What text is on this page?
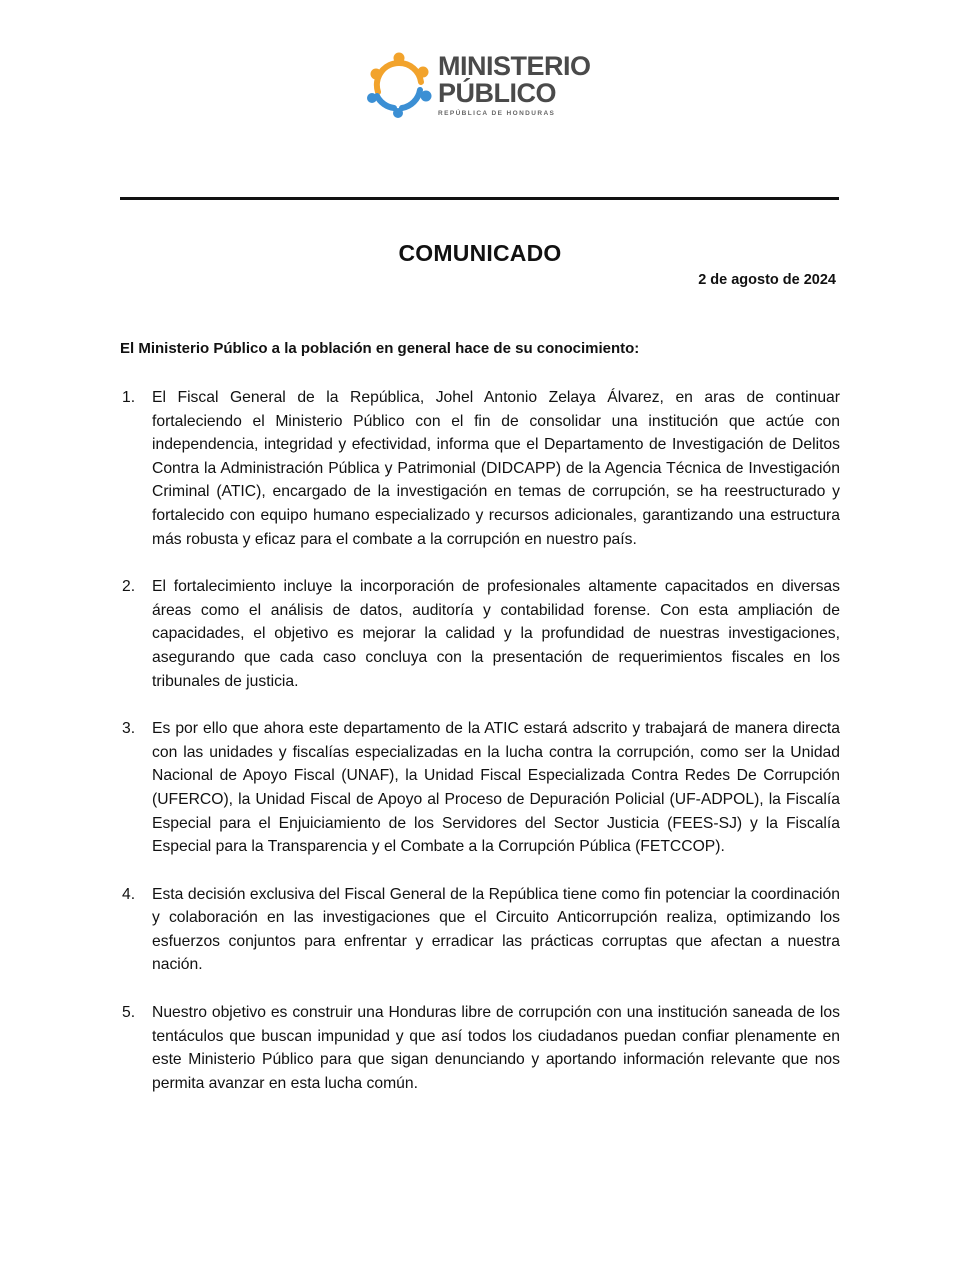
MINISTERIO
PÚBLICO
REPÚBLICA DE HONDURAS
COMUNICADO
2 de agosto de 2024
El Ministerio Público a la población en general hace de su conocimiento:
1. El Fiscal General de la República, Johel Antonio Zelaya Álvarez, en aras de continuar fortaleciendo el Ministerio Público con el fin de consolidar una institución que actúe con independencia, integridad y efectividad, informa que el Departamento de Investigación de Delitos Contra la Administración Pública y Patrimonial (DIDCAPP) de la Agencia Técnica de Investigación Criminal (ATIC), encargado de la investigación en temas de corrupción, se ha reestructurado y fortalecido con equipo humano especializado y recursos adicionales, garantizando una estructura más robusta y eficaz para el combate a la corrupción en nuestro país.
2. El fortalecimiento incluye la incorporación de profesionales altamente capacitados en diversas áreas como el análisis de datos, auditoría y contabilidad forense. Con esta ampliación de capacidades, el objetivo es mejorar la calidad y la profundidad de nuestras investigaciones, asegurando que cada caso concluya con la presentación de requerimientos fiscales en los tribunales de justicia.
3. Es por ello que ahora este departamento de la ATIC estará adscrito y trabajará de manera directa con las unidades y fiscalías especializadas en la lucha contra la corrupción, como ser la Unidad Nacional de Apoyo Fiscal (UNAF), la Unidad Fiscal Especializada Contra Redes De Corrupción (UFERCO), la Unidad Fiscal de Apoyo al Proceso de Depuración Policial (UF-ADPOL), la Fiscalía Especial para el Enjuiciamiento de los Servidores del Sector Justicia (FEES-SJ) y la Fiscalía Especial para la Transparencia y el Combate a la Corrupción Pública (FETCCOP).
4. Esta decisión exclusiva del Fiscal General de la República tiene como fin potenciar la coordinación y colaboración en las investigaciones que el Circuito Anticorrupción realiza, optimizando los esfuerzos conjuntos para enfrentar y erradicar las prácticas corruptas que afectan a nuestra nación.
5. Nuestro objetivo es construir una Honduras libre de corrupción con una institución saneada de los tentáculos que buscan impunidad y que así todos los ciudadanos puedan confiar plenamente en este Ministerio Público para que sigan denunciando y aportando información relevante que nos permita avanzar en esta lucha común.
